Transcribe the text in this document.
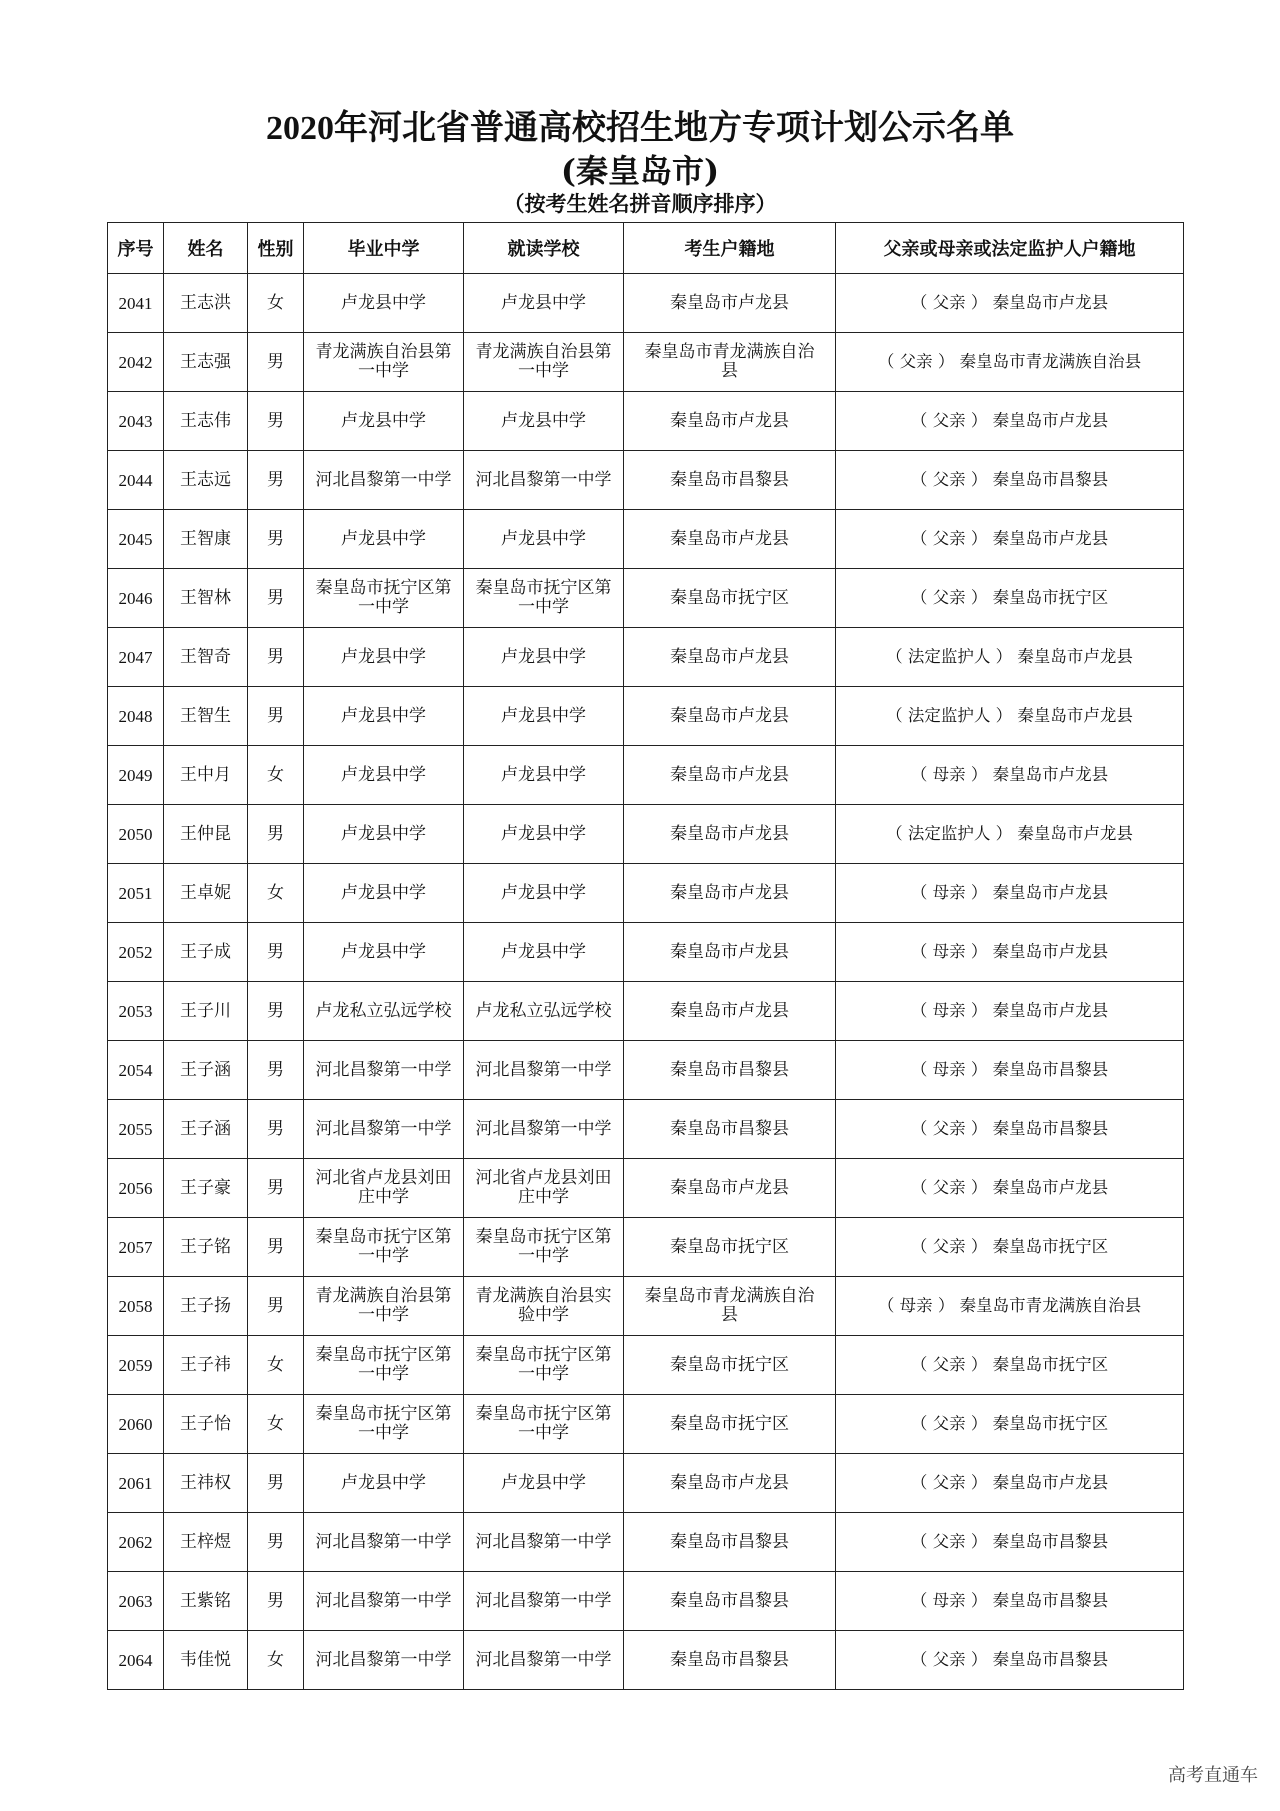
2020年河北省普通高校招生地方专项计划公示名单
(秦皇岛市)
（按考生姓名拼音顺序排序）
序号	姓名	性别	毕业中学	就读学校	考生户籍地	父亲或母亲或法定监护人户籍地
2041	王志洪	女	卢龙县中学	卢龙县中学	秦皇岛市卢龙县	（ 父亲 ） 秦皇岛市卢龙县
2042	王志强	男	青龙满族自治县第一中学	青龙满族自治县第一中学	秦皇岛市青龙满族自治县	（ 父亲 ） 秦皇岛市青龙满族自治县
2043	王志伟	男	卢龙县中学	卢龙县中学	秦皇岛市卢龙县	（ 父亲 ） 秦皇岛市卢龙县
2044	王志远	男	河北昌黎第一中学	河北昌黎第一中学	秦皇岛市昌黎县	（ 父亲 ） 秦皇岛市昌黎县
2045	王智康	男	卢龙县中学	卢龙县中学	秦皇岛市卢龙县	（ 父亲 ） 秦皇岛市卢龙县
2046	王智林	男	秦皇岛市抚宁区第一中学	秦皇岛市抚宁区第一中学	秦皇岛市抚宁区	（ 父亲 ） 秦皇岛市抚宁区
2047	王智奇	男	卢龙县中学	卢龙县中学	秦皇岛市卢龙县	（ 法定监护人 ） 秦皇岛市卢龙县
2048	王智生	男	卢龙县中学	卢龙县中学	秦皇岛市卢龙县	（ 法定监护人 ） 秦皇岛市卢龙县
2049	王中月	女	卢龙县中学	卢龙县中学	秦皇岛市卢龙县	（ 母亲 ） 秦皇岛市卢龙县
2050	王仲昆	男	卢龙县中学	卢龙县中学	秦皇岛市卢龙县	（ 法定监护人 ） 秦皇岛市卢龙县
2051	王卓妮	女	卢龙县中学	卢龙县中学	秦皇岛市卢龙县	（ 母亲 ） 秦皇岛市卢龙县
2052	王子成	男	卢龙县中学	卢龙县中学	秦皇岛市卢龙县	（ 母亲 ） 秦皇岛市卢龙县
2053	王子川	男	卢龙私立弘远学校	卢龙私立弘远学校	秦皇岛市卢龙县	（ 母亲 ） 秦皇岛市卢龙县
2054	王子涵	男	河北昌黎第一中学	河北昌黎第一中学	秦皇岛市昌黎县	（ 母亲 ） 秦皇岛市昌黎县
2055	王子涵	男	河北昌黎第一中学	河北昌黎第一中学	秦皇岛市昌黎县	（ 父亲 ） 秦皇岛市昌黎县
2056	王子豪	男	河北省卢龙县刘田庄中学	河北省卢龙县刘田庄中学	秦皇岛市卢龙县	（ 父亲 ） 秦皇岛市卢龙县
2057	王子铭	男	秦皇岛市抚宁区第一中学	秦皇岛市抚宁区第一中学	秦皇岛市抚宁区	（ 父亲 ） 秦皇岛市抚宁区
2058	王子扬	男	青龙满族自治县第一中学	青龙满族自治县实验中学	秦皇岛市青龙满族自治县	（ 母亲 ） 秦皇岛市青龙满族自治县
2059	王子祎	女	秦皇岛市抚宁区第一中学	秦皇岛市抚宁区第一中学	秦皇岛市抚宁区	（ 父亲 ） 秦皇岛市抚宁区
2060	王子怡	女	秦皇岛市抚宁区第一中学	秦皇岛市抚宁区第一中学	秦皇岛市抚宁区	（ 父亲 ） 秦皇岛市抚宁区
2061	王祎权	男	卢龙县中学	卢龙县中学	秦皇岛市卢龙县	（ 父亲 ） 秦皇岛市卢龙县
2062	王梓煜	男	河北昌黎第一中学	河北昌黎第一中学	秦皇岛市昌黎县	（ 父亲 ） 秦皇岛市昌黎县
2063	王紫铭	男	河北昌黎第一中学	河北昌黎第一中学	秦皇岛市昌黎县	（ 母亲 ） 秦皇岛市昌黎县
2064	韦佳悦	女	河北昌黎第一中学	河北昌黎第一中学	秦皇岛市昌黎县	（ 父亲 ） 秦皇岛市昌黎县
高考直通车
